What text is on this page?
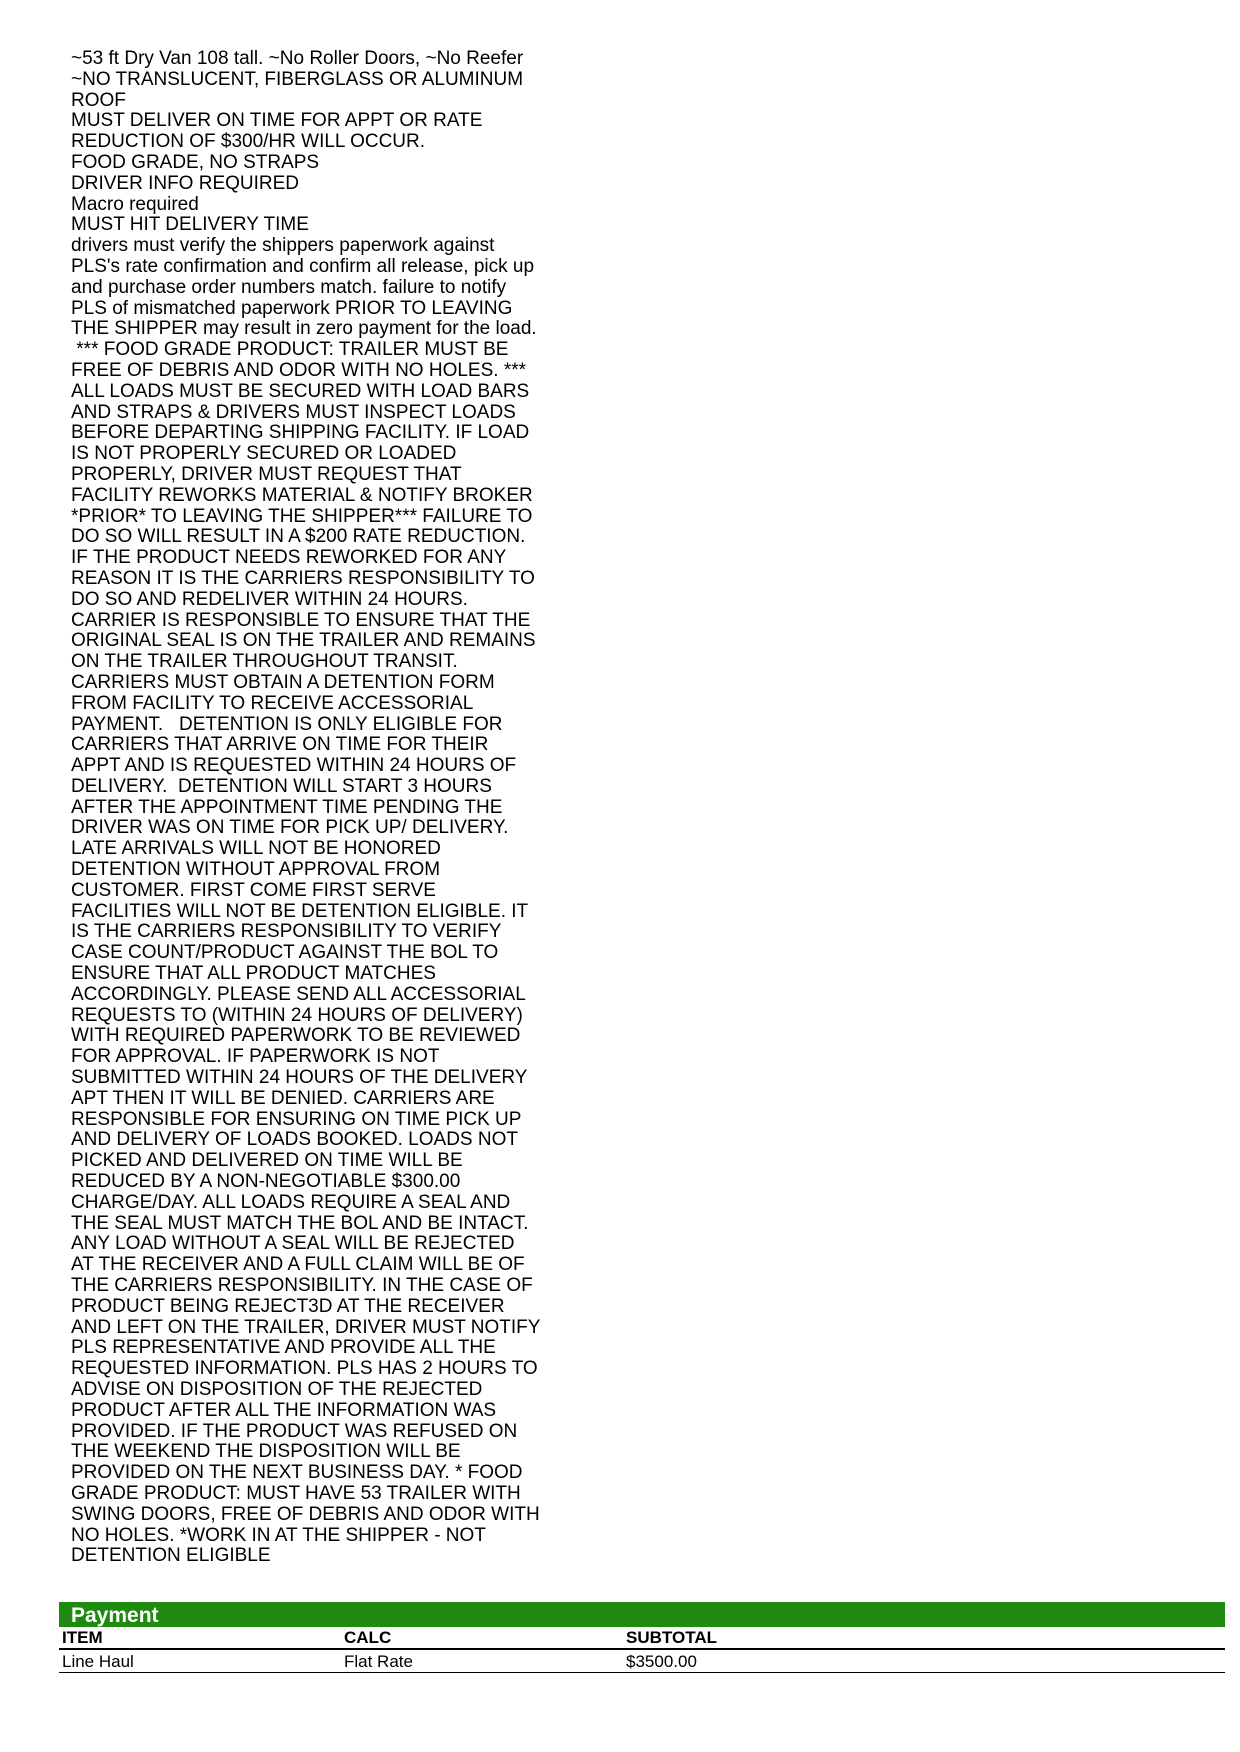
~53 ft Dry Van 108 tall. ~No Roller Doors, ~No Reefer
~NO TRANSLUCENT, FIBERGLASS OR ALUMINUM
ROOF
MUST DELIVER ON TIME FOR APPT OR RATE
REDUCTION OF $300/HR WILL OCCUR.
FOOD GRADE, NO STRAPS
DRIVER INFO REQUIRED
Macro required
MUST HIT DELIVERY TIME
drivers must verify the shippers paperwork against
PLS's rate confirmation and confirm all release, pick up
and purchase order numbers match. failure to notify
PLS of mismatched paperwork PRIOR TO LEAVING
THE SHIPPER may result in zero payment for the load.
*** FOOD GRADE PRODUCT: TRAILER MUST BE
FREE OF DEBRIS AND ODOR WITH NO HOLES. ***
ALL LOADS MUST BE SECURED WITH LOAD BARS
AND STRAPS & DRIVERS MUST INSPECT LOADS
BEFORE DEPARTING SHIPPING FACILITY. IF LOAD
IS NOT PROPERLY SECURED OR LOADED
PROPERLY, DRIVER MUST REQUEST THAT
FACILITY REWORKS MATERIAL & NOTIFY BROKER
*PRIOR* TO LEAVING THE SHIPPER*** FAILURE TO
DO SO WILL RESULT IN A $200 RATE REDUCTION.
IF THE PRODUCT NEEDS REWORKED FOR ANY
REASON IT IS THE CARRIERS RESPONSIBILITY TO
DO SO AND REDELIVER WITHIN 24 HOURS.
CARRIER IS RESPONSIBLE TO ENSURE THAT THE
ORIGINAL SEAL IS ON THE TRAILER AND REMAINS
ON THE TRAILER THROUGHOUT TRANSIT.
CARRIERS MUST OBTAIN A DETENTION FORM
FROM FACILITY TO RECEIVE ACCESSORIAL
PAYMENT.   DETENTION IS ONLY ELIGIBLE FOR
CARRIERS THAT ARRIVE ON TIME FOR THEIR
APPT AND IS REQUESTED WITHIN 24 HOURS OF
DELIVERY.  DETENTION WILL START 3 HOURS
AFTER THE APPOINTMENT TIME PENDING THE
DRIVER WAS ON TIME FOR PICK UP/ DELIVERY.
LATE ARRIVALS WILL NOT BE HONORED
DETENTION WITHOUT APPROVAL FROM
CUSTOMER. FIRST COME FIRST SERVE
FACILITIES WILL NOT BE DETENTION ELIGIBLE. IT
IS THE CARRIERS RESPONSIBILITY TO VERIFY
CASE COUNT/PRODUCT AGAINST THE BOL TO
ENSURE THAT ALL PRODUCT MATCHES
ACCORDINGLY. PLEASE SEND ALL ACCESSORIAL
REQUESTS TO (WITHIN 24 HOURS OF DELIVERY)
WITH REQUIRED PAPERWORK TO BE REVIEWED
FOR APPROVAL. IF PAPERWORK IS NOT
SUBMITTED WITHIN 24 HOURS OF THE DELIVERY
APT THEN IT WILL BE DENIED. CARRIERS ARE
RESPONSIBLE FOR ENSURING ON TIME PICK UP
AND DELIVERY OF LOADS BOOKED. LOADS NOT
PICKED AND DELIVERED ON TIME WILL BE
REDUCED BY A NON-NEGOTIABLE $300.00
CHARGE/DAY. ALL LOADS REQUIRE A SEAL AND
THE SEAL MUST MATCH THE BOL AND BE INTACT.
ANY LOAD WITHOUT A SEAL WILL BE REJECTED
AT THE RECEIVER AND A FULL CLAIM WILL BE OF
THE CARRIERS RESPONSIBILITY. IN THE CASE OF
PRODUCT BEING REJECT3D AT THE RECEIVER
AND LEFT ON THE TRAILER, DRIVER MUST NOTIFY
PLS REPRESENTATIVE AND PROVIDE ALL THE
REQUESTED INFORMATION. PLS HAS 2 HOURS TO
ADVISE ON DISPOSITION OF THE REJECTED
PRODUCT AFTER ALL THE INFORMATION WAS
PROVIDED. IF THE PRODUCT WAS REFUSED ON
THE WEEKEND THE DISPOSITION WILL BE
PROVIDED ON THE NEXT BUSINESS DAY. * FOOD
GRADE PRODUCT: MUST HAVE 53 TRAILER WITH
SWING DOORS, FREE OF DEBRIS AND ODOR WITH
NO HOLES. *WORK IN AT THE SHIPPER - NOT
DETENTION ELIGIBLE
Payment
ITEM	CALC	SUBTOTAL
Line Haul	Flat Rate	$3500.00
